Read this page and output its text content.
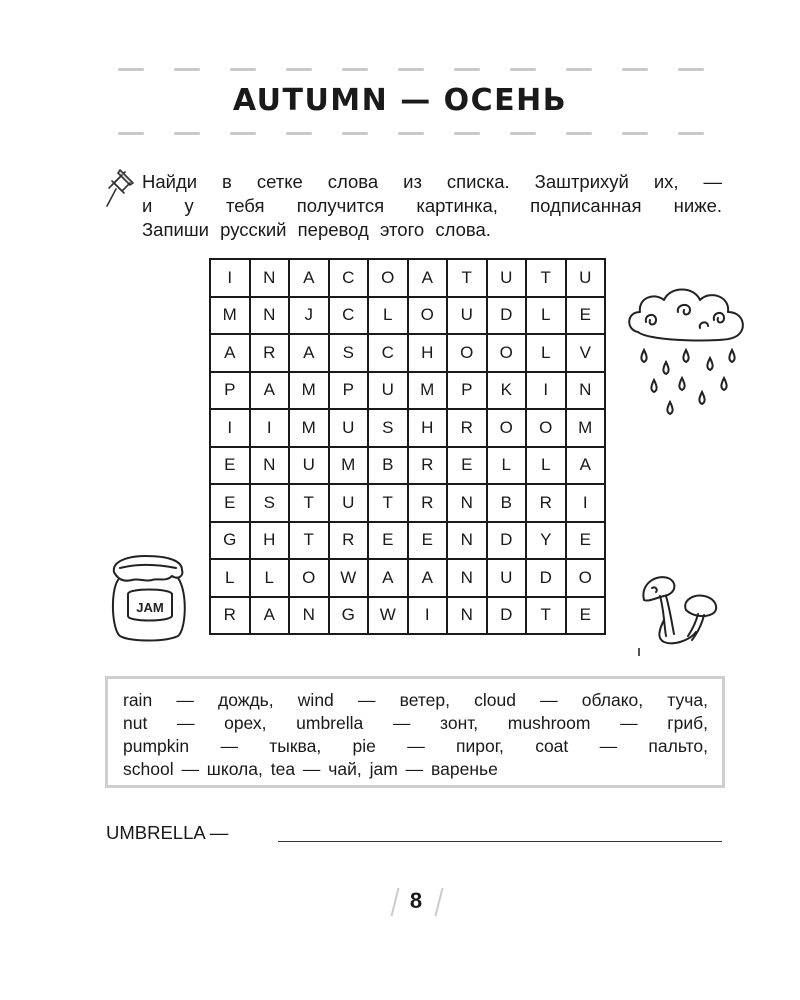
AUTUMN — ОСЕНЬ
Найди в сетке слова из списка. Заштрихуй их, —
и у тебя получится картинка, подписанная ниже.
Запиши русский перевод этого слова.
I	N	A	C	O	A	T	U	T	U
M	N	J	C	L	O	U	D	L	E
A	R	A	S	C	H	O	O	L	V
P	A	M	P	U	M	P	K	I	N
I	I	M	U	S	H	R	O	O	M
E	N	U	M	B	R	E	L	L	A
E	S	T	U	T	R	N	B	R	I
G	H	T	R	E	E	N	D	Y	E
L	L	O	W	A	A	N	U	D	O
R	A	N	G	W	I	N	D	T	E
JAM
rain — дождь, wind — ветер, cloud — облако, туча,
nut — орех, umbrella — зонт, mushroom — гриб,
pumpkin — тыква, pie — пирог, coat — пальто,
school — школа, tea — чай, jam — варенье
UMBRELLA —
8
